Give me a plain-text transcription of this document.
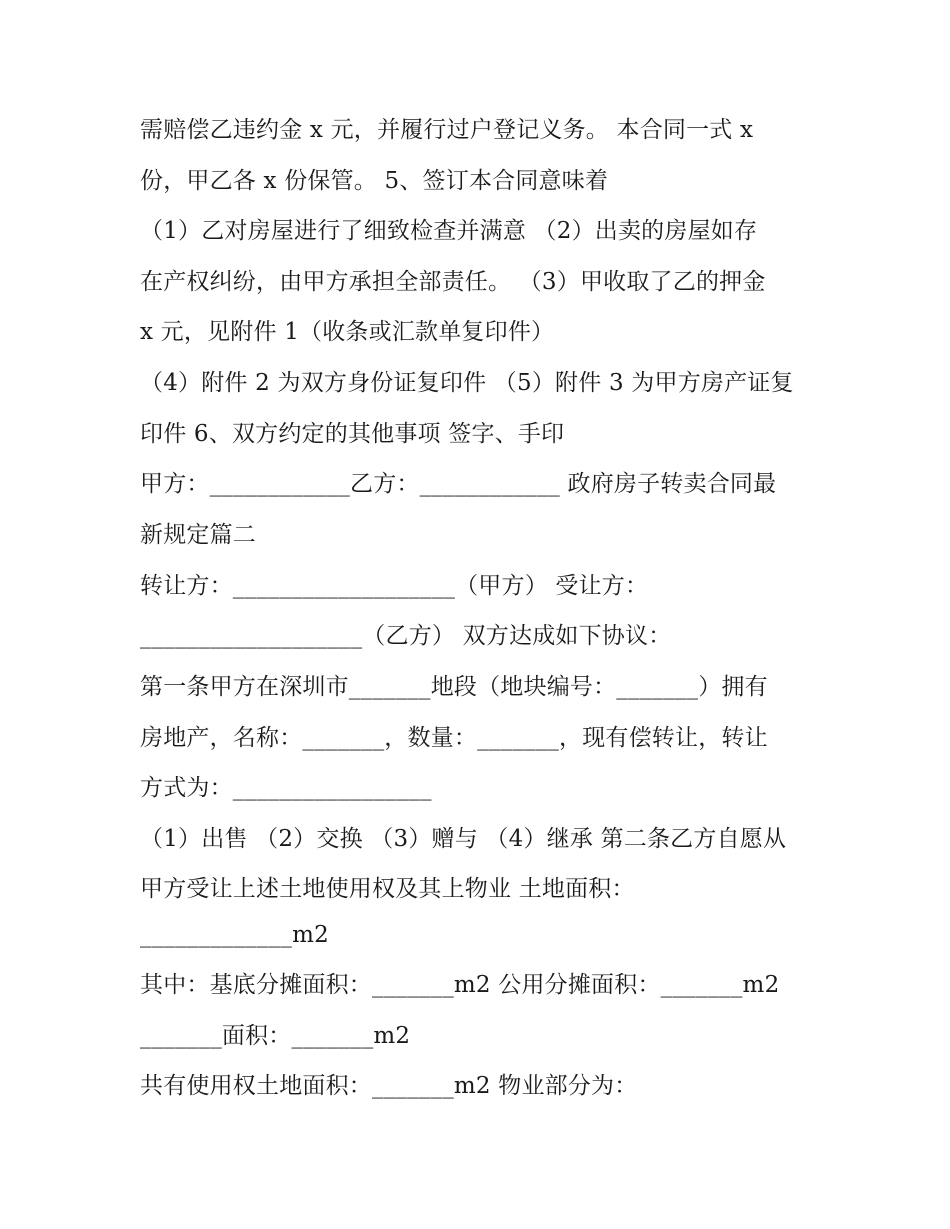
需赔偿乙违约金 x 元，并履行过户登记义务。 本合同一式 x
份，甲乙各 x 份保管。 5、签订本合同意味着
（1）乙对房屋进行了细致检查并满意 （2）出卖的房屋如存
在产权纠纷，由甲方承担全部责任。 （3）甲收取了乙的押金
x 元，见附件 1（收条或汇款单复印件）
（4）附件 2 为双方身份证复印件 （5）附件 3 为甲方房产证复
印件 6、双方约定的其他事项 签字、手印
甲方：____________乙方：____________ 政府房子转卖合同最
新规定篇二
转让方：___________________（甲方） 受让方：
___________________（乙方） 双方达成如下协议：
第一条甲方在深圳市_______地段（地块编号：_______）拥有
房地产，名称：_______，数量：_______，现有偿转让，转让
方式为：_________________
（1）出售 （2）交换 （3）赠与 （4）继承 第二条乙方自愿从
甲方受让上述土地使用权及其上物业 土地面积：
_____________m2
其中：基底分摊面积：_______m2 公用分摊面积：_______m2
_______面积：_______m2
共有使用权土地面积：_______m2 物业部分为：
